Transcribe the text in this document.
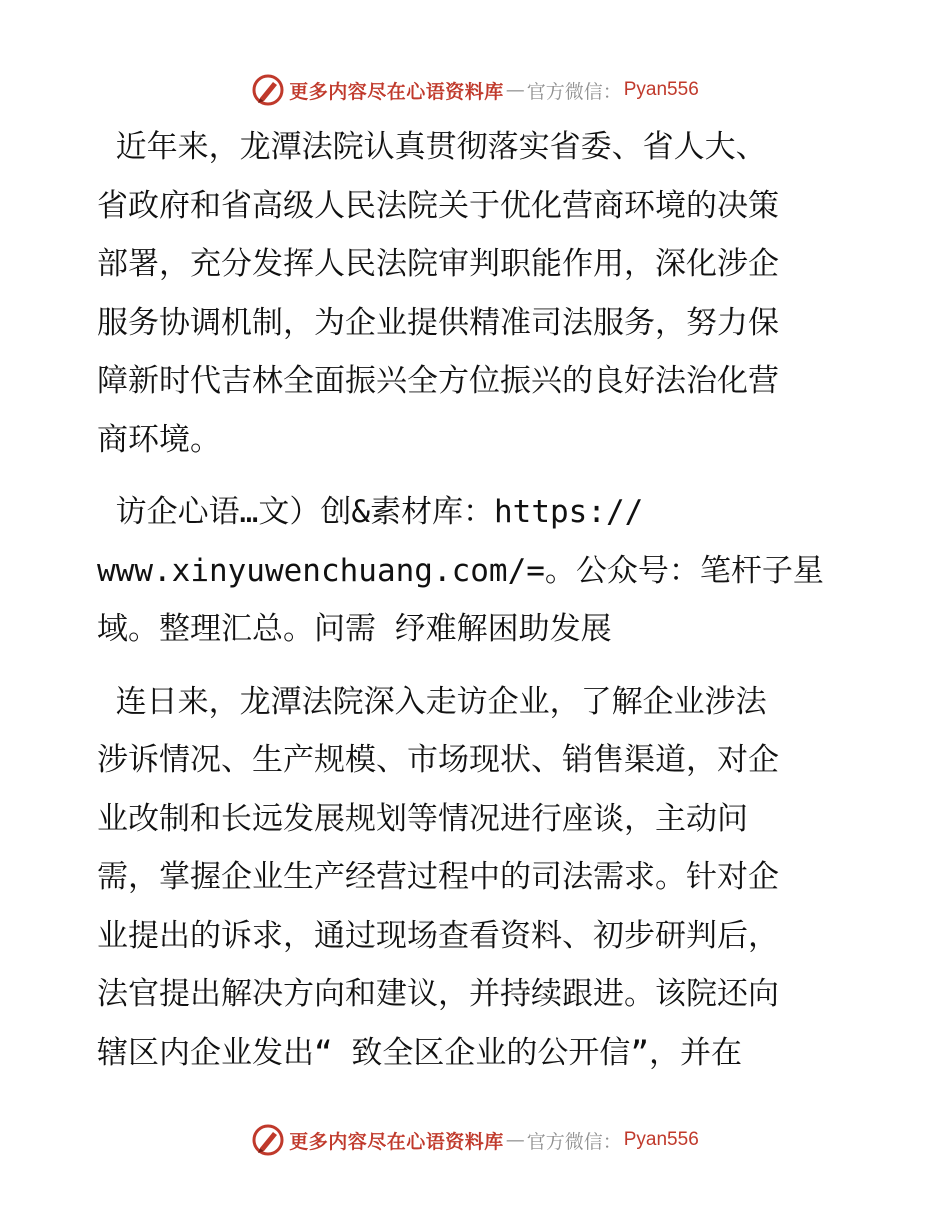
更多内容尽在心语资料库 — 官方微信： Pyan556

近年来，龙潭法院认真贯彻落实省委、省人大、
省政府和省高级人民法院关于优化营商环境的决策
部署，充分发挥人民法院审判职能作用，深化涉企
服务协调机制，为企业提供精准司法服务，努力保
障新时代吉林全面振兴全方位振兴的良好法治化营
商环境。

访企心语…文）创&素材库：https://
www.xinyuwenchuang.com/=。公众号：笔杆子星
域。整理汇总。问需 纾难解困助发展

连日来，龙潭法院深入走访企业，了解企业涉法
涉诉情况、生产规模、市场现状、销售渠道，对企
业改制和长远发展规划等情况进行座谈，主动问
需，掌握企业生产经营过程中的司法需求。针对企
业提出的诉求，通过现场查看资料、初步研判后，
法官提出解决方向和建议，并持续跟进。该院还向
辖区内企业发出“ 致全区企业的公开信”，并在

更多内容尽在心语资料库 — 官方微信： Pyan556
